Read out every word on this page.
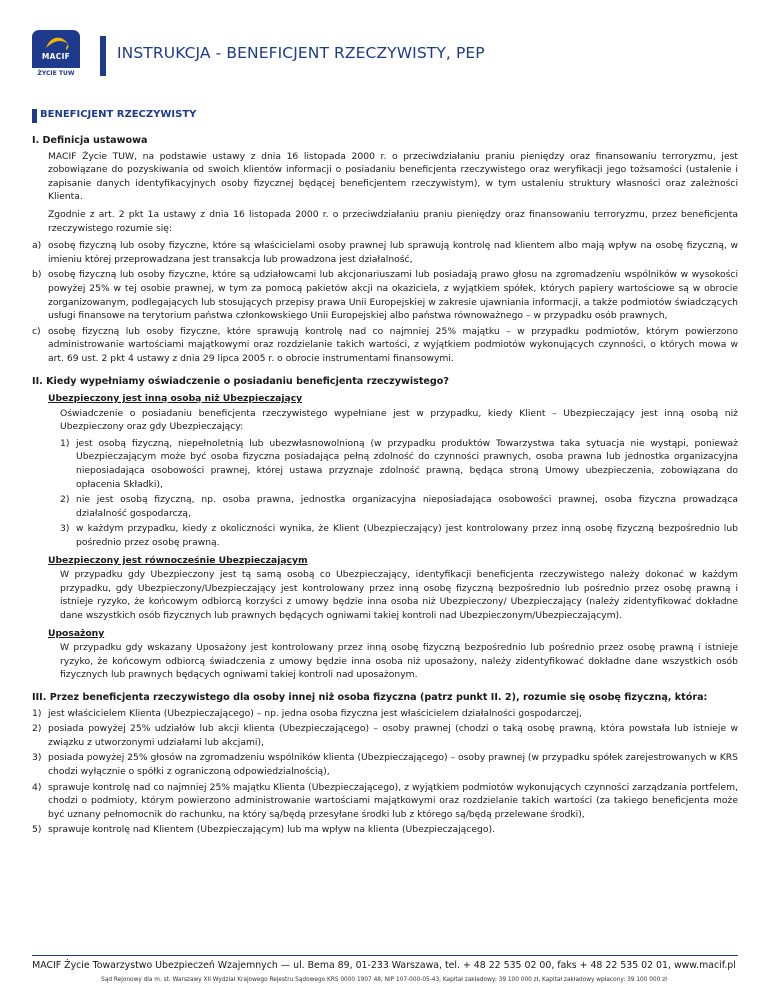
MACIF
ŻYCIE TUW
INSTRUKCJA - BENEFICJENT RZECZYWISTY, PEP
BENEFICJENT RZECZYWISTY
I. Definicja ustawowa
MACIF Życie TUW, na podstawie ustawy z dnia 16 listopada 2000 r. o przeciwdziałaniu praniu pieniędzy oraz finansowaniu terroryzmu, jest zobowiązane do pozyskiwania od swoich klientów informacji o posiadaniu beneficjenta rzeczywistego oraz weryfikacji jego tożsamości (ustalenie i zapisanie danych identyfikacyjnych osoby fizycznej będącej beneficjentem rzeczywistym), w tym ustaleniu struktury własności oraz zależności Klienta.
Zgodnie z art. 2 pkt 1a ustawy z dnia 16 listopada 2000 r. o przeciwdziałaniu praniu pieniędzy oraz finansowaniu terroryzmu, przez beneficjenta rzeczywistego rozumie się:
a) osobę fizyczną lub osoby fizyczne, które są właścicielami osoby prawnej lub sprawują kontrolę nad klientem albo mają wpływ na osobę fizyczną, w imieniu której przeprowadzana jest transakcja lub prowadzona jest działalność,
b) osobę fizyczną lub osoby fizyczne, które są udziałowcami lub akcjonariuszami lub posiadają prawo głosu na zgromadzeniu wspólników w wysokości powyżej 25% w tej osobie prawnej, w tym za pomocą pakietów akcji na okaziciela, z wyjątkiem spółek, których papiery wartościowe są w obrocie zorganizowanym, podlegających lub stosujących przepisy prawa Unii Europejskiej w zakresie ujawniania informacji, a także podmiotów świadczących usługi finansowe na terytorium państwa członkowskiego Unii Europejskiej albo państwa równoważnego – w przypadku osób prawnych,
c) osobę fizyczną lub osoby fizyczne, które sprawują kontrolę nad co najmniej 25% majątku – w przypadku podmiotów, którym powierzono administrowanie wartościami majątkowymi oraz rozdzielanie takich wartości, z wyjątkiem podmiotów wykonujących czynności, o których mowa w art. 69 ust. 2 pkt 4 ustawy z dnia 29 lipca 2005 r. o obrocie instrumentami finansowymi.
II. Kiedy wypełniamy oświadczenie o posiadaniu beneficjenta rzeczywistego?
Ubezpieczony jest inną osobą niż Ubezpieczający
Oświadczenie o posiadaniu beneficjenta rzeczywistego wypełniane jest w przypadku, kiedy Klient – Ubezpieczający jest inną osobą niż Ubezpieczony oraz gdy Ubezpieczający:
1) jest osobą fizyczną, niepełnoletnią lub ubezwłasnowolnioną (w przypadku produktów Towarzystwa taka sytuacja nie wystąpi, ponieważ Ubezpieczającym może być osoba fizyczna posiadająca pełną zdolność do czynności prawnych, osoba prawna lub jednostka organizacyjna nieposiadająca osobowości prawnej, której ustawa przyznaje zdolność prawną, będąca stroną Umowy ubezpieczenia, zobowiązana do opłacenia Składki),
2) nie jest osobą fizyczną, np. osoba prawna, jednostka organizacyjna nieposiadająca osobowości prawnej, osoba fizyczna prowadząca działalność gospodarczą,
3) w każdym przypadku, kiedy z okoliczności wynika, że Klient (Ubezpieczający) jest kontrolowany przez inną osobę fizyczną bezpośrednio lub pośrednio przez osobę prawną.
Ubezpieczony jest równocześnie Ubezpieczającym
W przypadku gdy Ubezpieczony jest tą samą osobą co Ubezpieczający, identyfikacji beneficjenta rzeczywistego należy dokonać w każdym przypadku, gdy Ubezpieczony/Ubezpieczający jest kontrolowany przez inną osobę fizyczną bezpośrednio lub pośrednio przez osobę prawną i istnieje ryzyko, że końcowym odbiorcą korzyści z umowy będzie inna osoba niż Ubezpieczony/ Ubezpieczający (należy zidentyfikować dokładne dane wszystkich osób fizycznych lub prawnych będących ogniwami takiej kontroli nad Ubezpieczonym/Ubezpieczającym).
Uposażony
W przypadku gdy wskazany Uposażony jest kontrolowany przez inną osobę fizyczną bezpośrednio lub pośrednio przez osobę prawną i istnieje ryzyko, że końcowym odbiorcą świadczenia z umowy będzie inna osoba niż uposażony, należy zidentyfikować dokładne dane wszystkich osób fizycznych lub prawnych będących ogniwami takiej kontroli nad uposażonym.
III. Przez beneficjenta rzeczywistego dla osoby innej niż osoba fizyczna (patrz punkt II. 2), rozumie się osobę fizyczną, która:
1) jest właścicielem Klienta (Ubezpieczającego) – np. jedna osoba fizyczna jest właścicielem działalności gospodarczej,
2) posiada powyżej 25% udziałów lub akcji klienta (Ubezpieczającego) – osoby prawnej (chodzi o taką osobę prawną, która powstała lub istnieje w związku z utworzonymi udziałami lub akcjami),
3) posiada powyżej 25% głosów na zgromadzeniu wspólników klienta (Ubezpieczającego) – osoby prawnej (w przypadku spółek zarejestrowanych w KRS chodzi wyłącznie o spółki z ograniczoną odpowiedzialnością),
4) sprawuje kontrolę nad co najmniej 25% majątku Klienta (Ubezpieczającego), z wyjątkiem podmiotów wykonujących czynności zarządzania portfelem, chodzi o podmioty, którym powierzono administrowanie wartościami majątkowymi oraz rozdzielanie takich wartości (za takiego beneficjenta może być uznany pełnomocnik do rachunku, na który są/będą przesyłane środki lub z którego są/będą przelewane środki),
5) sprawuje kontrolę nad Klientem (Ubezpieczającym) lub ma wpływ na klienta (Ubezpieczającego).
MACIF Życie Towarzystwo Ubezpieczeń Wzajemnych — ul. Bema 89, 01-233 Warszawa, tel. + 48 22 535 02 00, faks + 48 22 535 02 01, www.macif.pl
Sąd Rejonowy dla m. st. Warszawy XII Wydział Krajowego Rejestru Sądowego KRS 0000 1907 48, NIP 107-000-05-43, Kapitał zakładowy: 39 100 000 zł, Kapitał zakładowy wpłacony: 39 100 000 zł
